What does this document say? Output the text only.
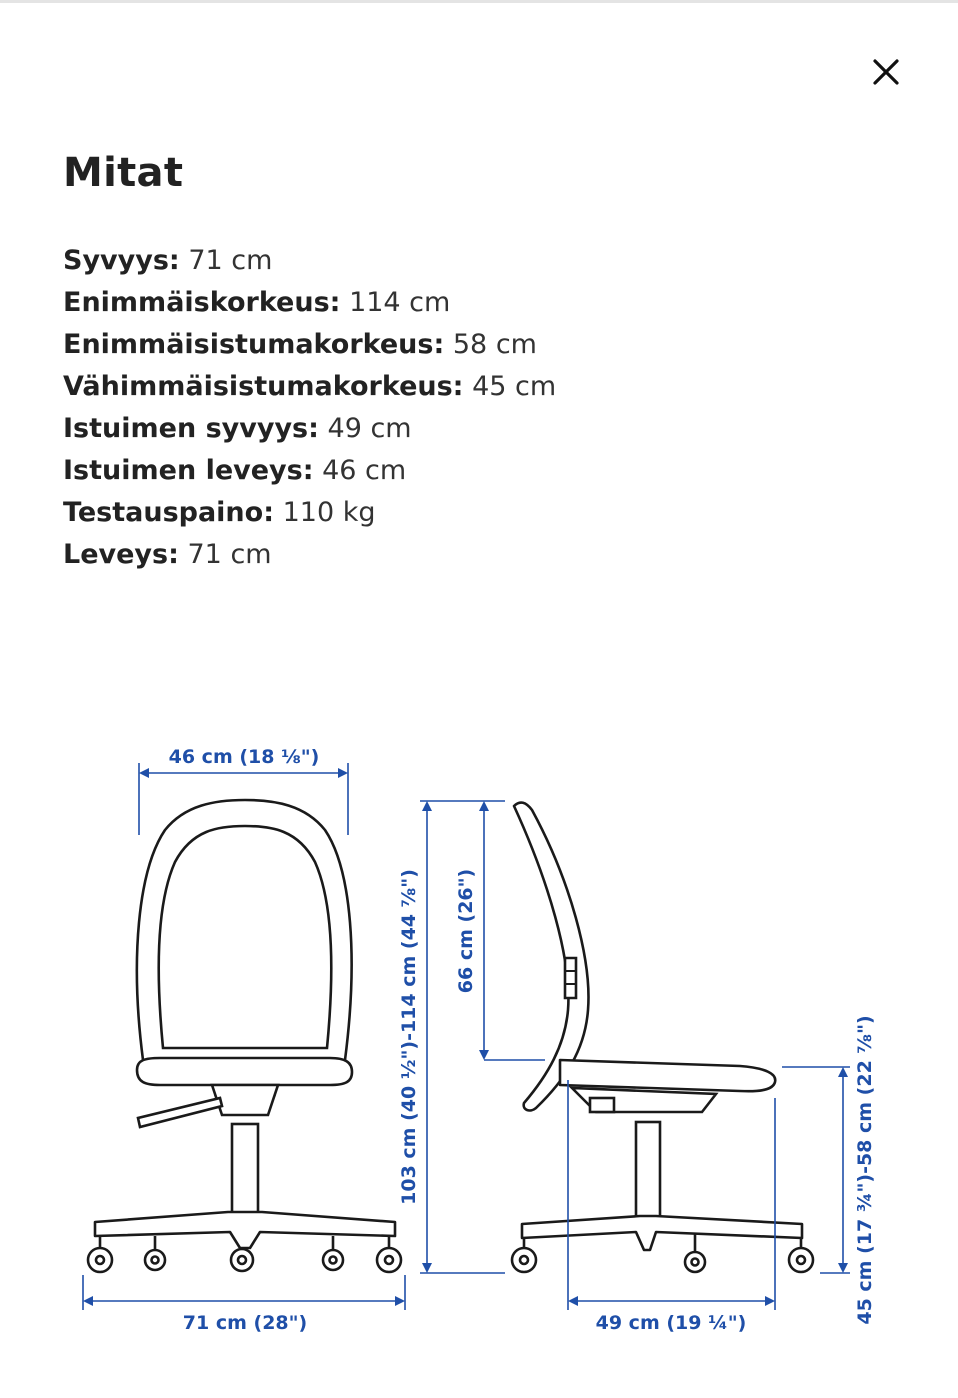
Mitat
Syvyys: 71 cm
Enimmäiskorkeus: 114 cm
Enimmäisistumakorkeus: 58 cm
Vähimmäisistumakorkeus: 45 cm
Istuimen syvyys: 49 cm
Istuimen leveys: 46 cm
Testauspaino: 110 kg
Leveys: 71 cm
46 cm (18 ⅛")
71 cm (28")
103 cm (40 ½")-114 cm (44 ⅞") 66 cm (26")
45 cm (17 ¾")-58 cm (22 ⅞")
49 cm (19 ¼")
